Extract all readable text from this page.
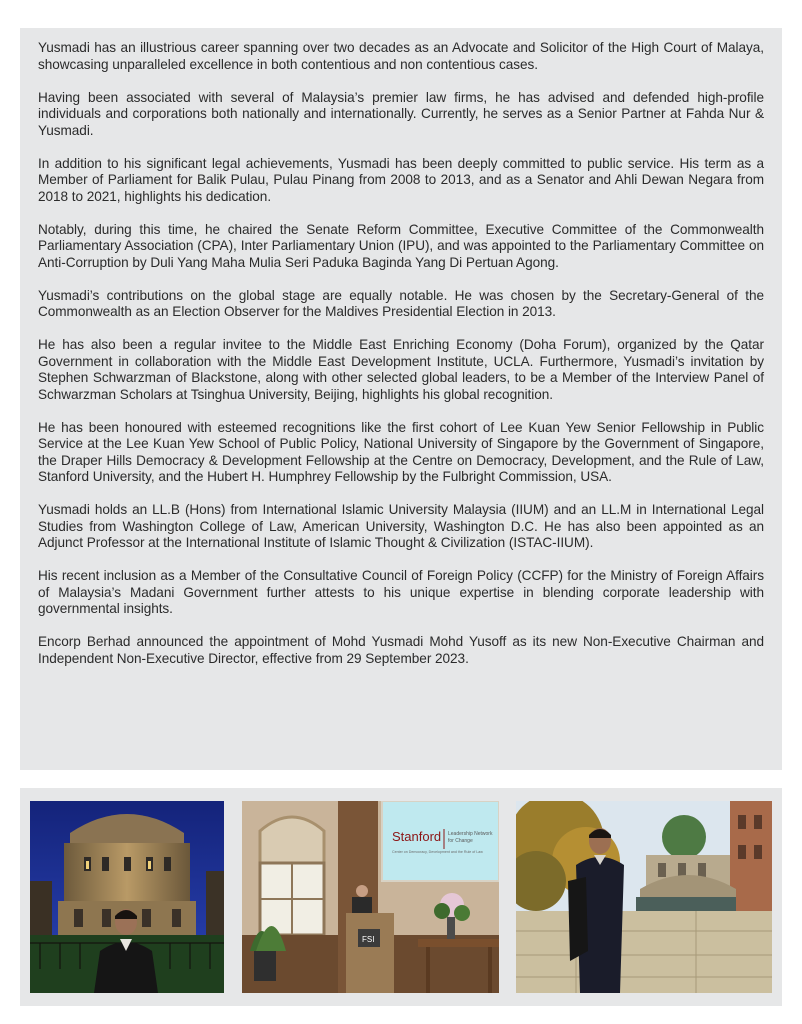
Yusmadi has an illustrious career spanning over two decades as an Advocate and Solicitor of the High Court of Malaya, showcasing unparalleled excellence in both contentious and non contentious cases.

Having been associated with several of Malaysia’s premier law firms, he has advised and defended high-profile individuals and corporations both nationally and internationally. Currently, he serves as a Senior Partner at Fahda Nur & Yusmadi.

In addition to his significant legal achievements, Yusmadi has been deeply committed to public service. His term as a Member of Parliament for Balik Pulau, Pulau Pinang from 2008 to 2013, and as a Senator and Ahli Dewan Negara from 2018 to 2021, highlights his dedication.

Notably, during this time, he chaired the Senate Reform Committee, Executive Committee of the Commonwealth Parliamentary Association (CPA), Inter Parliamentary Union (IPU), and was appointed to the Parliamentary Committee on Anti-Corruption by Duli Yang Maha Mulia Seri Paduka Baginda Yang Di Pertuan Agong.

Yusmadi’s contributions on the global stage are equally notable. He was chosen by the Secretary-General of the Commonwealth as an Election Observer for the Maldives Presidential Election in 2013.

He has also been a regular invitee to the Middle East Enriching Economy (Doha Forum), organized by the Qatar Government in collaboration with the Middle East Development Institute, UCLA. Furthermore, Yusmadi’s invitation by Stephen Schwarzman of Blackstone, along with other selected global leaders, to be a Member of the Interview Panel of Schwarzman Scholars at Tsinghua University, Beijing, highlights his global recognition.

He has been honoured with esteemed recognitions like the first cohort of Lee Kuan Yew Senior Fellowship in Public Service at the Lee Kuan Yew School of Public Policy, National University of Singapore by the Government of Singapore, the Draper Hills Democracy & Development Fellowship at the Centre on Democracy, Development, and the Rule of Law, Stanford University, and the Hubert H. Humphrey Fellowship by the Fulbright Commission, USA.

Yusmadi holds an LL.B (Hons) from International Islamic University Malaysia (IIUM) and an LL.M in International Legal Studies from Washington College of Law, American University, Washington D.C. He has also been appointed as an Adjunct Professor at the International Institute of Islamic Thought & Civilization (ISTAC-IIUM).

His recent inclusion as a Member of the Consultative Council of Foreign Policy (CCFP) for the Ministry of Foreign Affairs of Malaysia’s Madani Government further attests to his unique expertise in blending corporate leadership with governmental insights.

Encorp Berhad announced the appointment of Mohd Yusmadi Mohd Yusoff as its new Non-Executive Chairman and Independent Non-Executive Director, effective from 29 September 2023.

Stanford Leadership Network
for Change
Center on Democracy, Development and the Rule of Law
FSI
